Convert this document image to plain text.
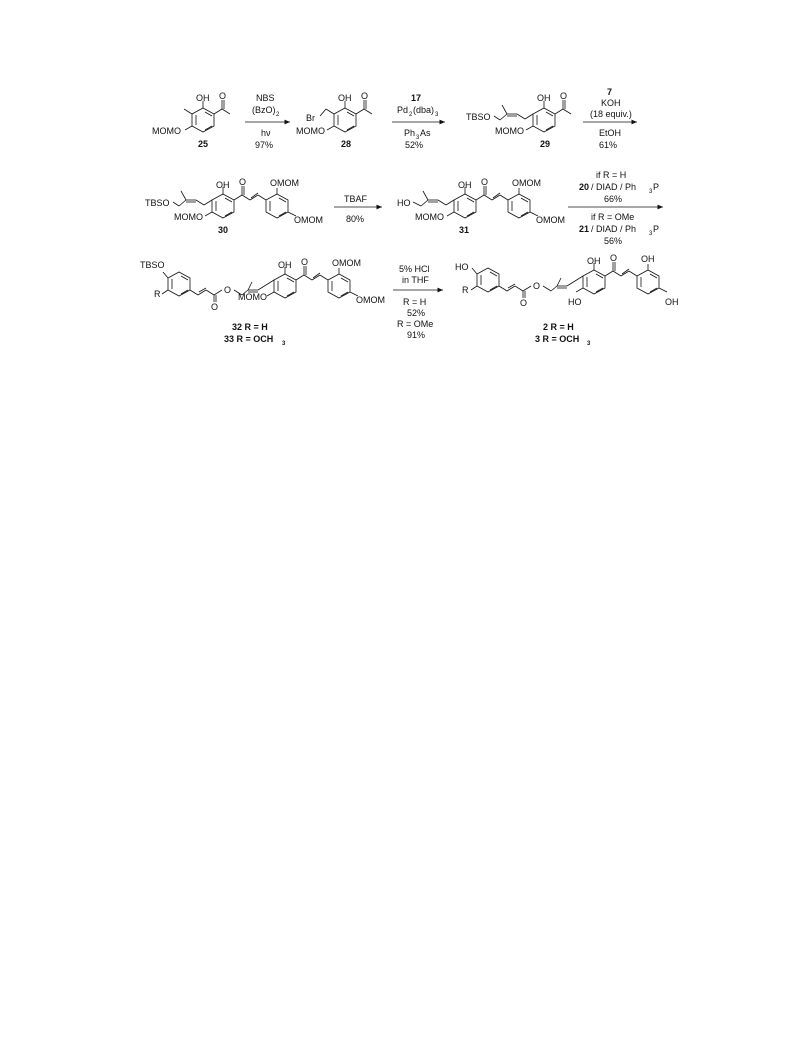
OH O
MOMO
25
NBS
(BzO) 2
hν
97%
Br
OH O
MOMO
28
17
Pd 2 (dba) 3
Ph 3 As
52%
TBSO
OH O
MOMO
29
7
KOH
(18 equiv.)
EtOH
61%
TBSO
OH O	OMOM
MOMO	OMOM
30
TBAF
80%
HO
OH O	OMOM
MOMO	OMOM
31
if R = H
20 / DIAD / Ph 3 P
66%
if R = OMe
21 / DIAD / Ph 3 P
56%
TBSO
R
O
O
OH O	OMOM
MOMO	OMOM
32 R = H
33 R = OCH 3
5% HCl
in THF
R = H
52%
R = OMe
91%
HO
R
O
O
OH O	OH
HO	OH
2 R = H
3 R = OCH 3
